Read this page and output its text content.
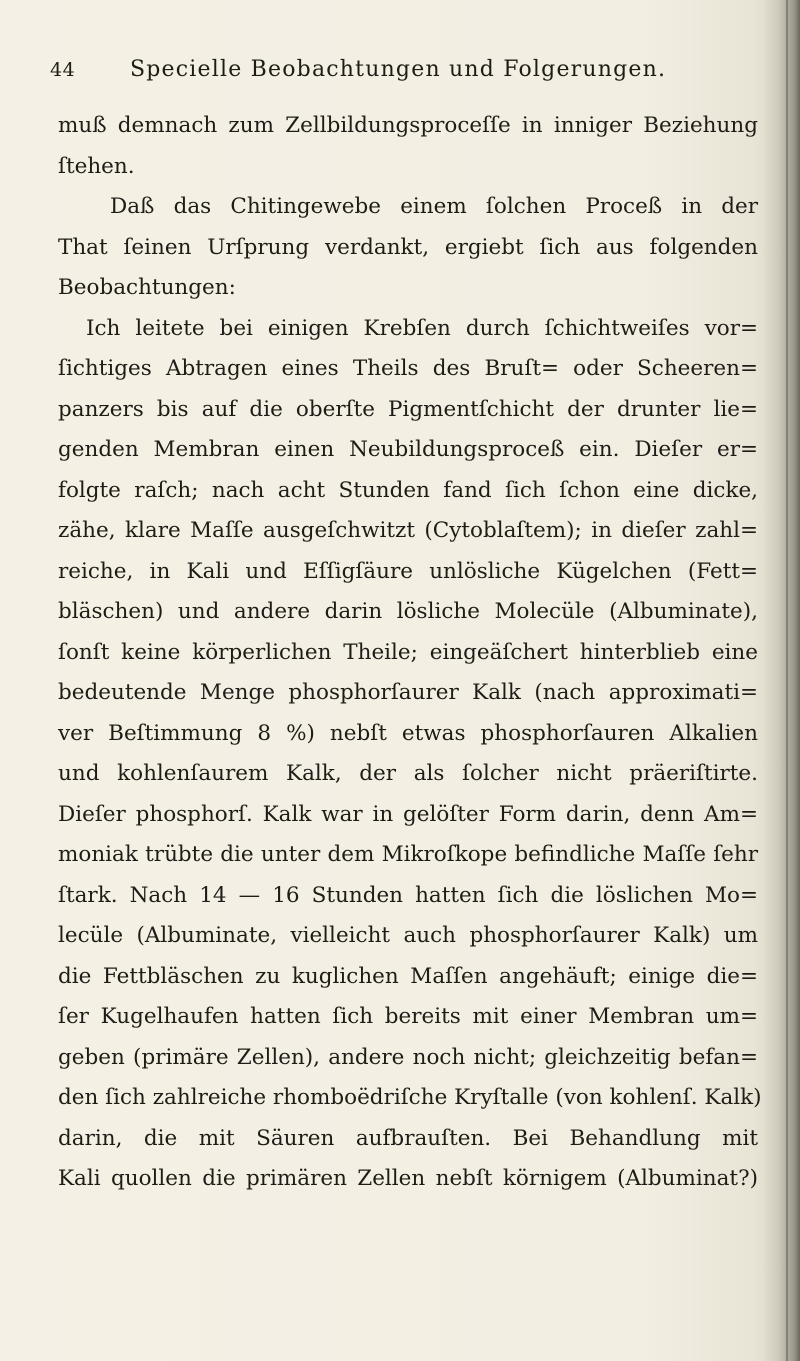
44 Specielle Beobachtungen und Folgerungen.
muß demnach zum Zellbildungsproceſſe in inniger Beziehung
ſtehen.
Daß das Chitingewebe einem ſolchen Proceß in der
That ſeinen Urſprung verdankt, ergiebt ſich aus folgenden
Beobachtungen:
Ich leitete bei einigen Krebſen durch ſchichtweiſes vor=
ſichtiges Abtragen eines Theils des Bruſt= oder Scheeren=
panzers bis auf die oberſte Pigmentſchicht der drunter lie=
genden Membran einen Neubildungsproceß ein. Dieſer er=
folgte raſch; nach acht Stunden fand ſich ſchon eine dicke,
zähe, klare Maſſe ausgeſchwitzt (Cytoblaſtem); in dieſer zahl=
reiche, in Kali und Eſſigſäure unlösliche Kügelchen (Fett=
bläschen) und andere darin lösliche Molecüle (Albuminate),
ſonſt keine körperlichen Theile; eingeäſchert hinterblieb eine
bedeutende Menge phosphorſaurer Kalk (nach approximati=
ver Beſtimmung 8 %) nebſt etwas phosphorſauren Alkalien
und kohlenſaurem Kalk, der als ſolcher nicht präeriſtirte.
Dieſer phosphorſ. Kalk war in gelöſter Form darin, denn Am=
moniak trübte die unter dem Mikroſkope befindliche Maſſe ſehr
ſtark. Nach 14 — 16 Stunden hatten ſich die löslichen Mo=
lecüle (Albuminate, vielleicht auch phosphorſaurer Kalk) um
die Fettbläschen zu kuglichen Maſſen angehäuft; einige die=
ſer Kugelhaufen hatten ſich bereits mit einer Membran um=
geben (primäre Zellen), andere noch nicht; gleichzeitig befan=
den ſich zahlreiche rhomboëdriſche Kryſtalle (von kohlenſ. Kalk)
darin, die mit Säuren aufbrauſten. Bei Behandlung mit
Kali quollen die primären Zellen nebſt körnigem (Albuminat?)
